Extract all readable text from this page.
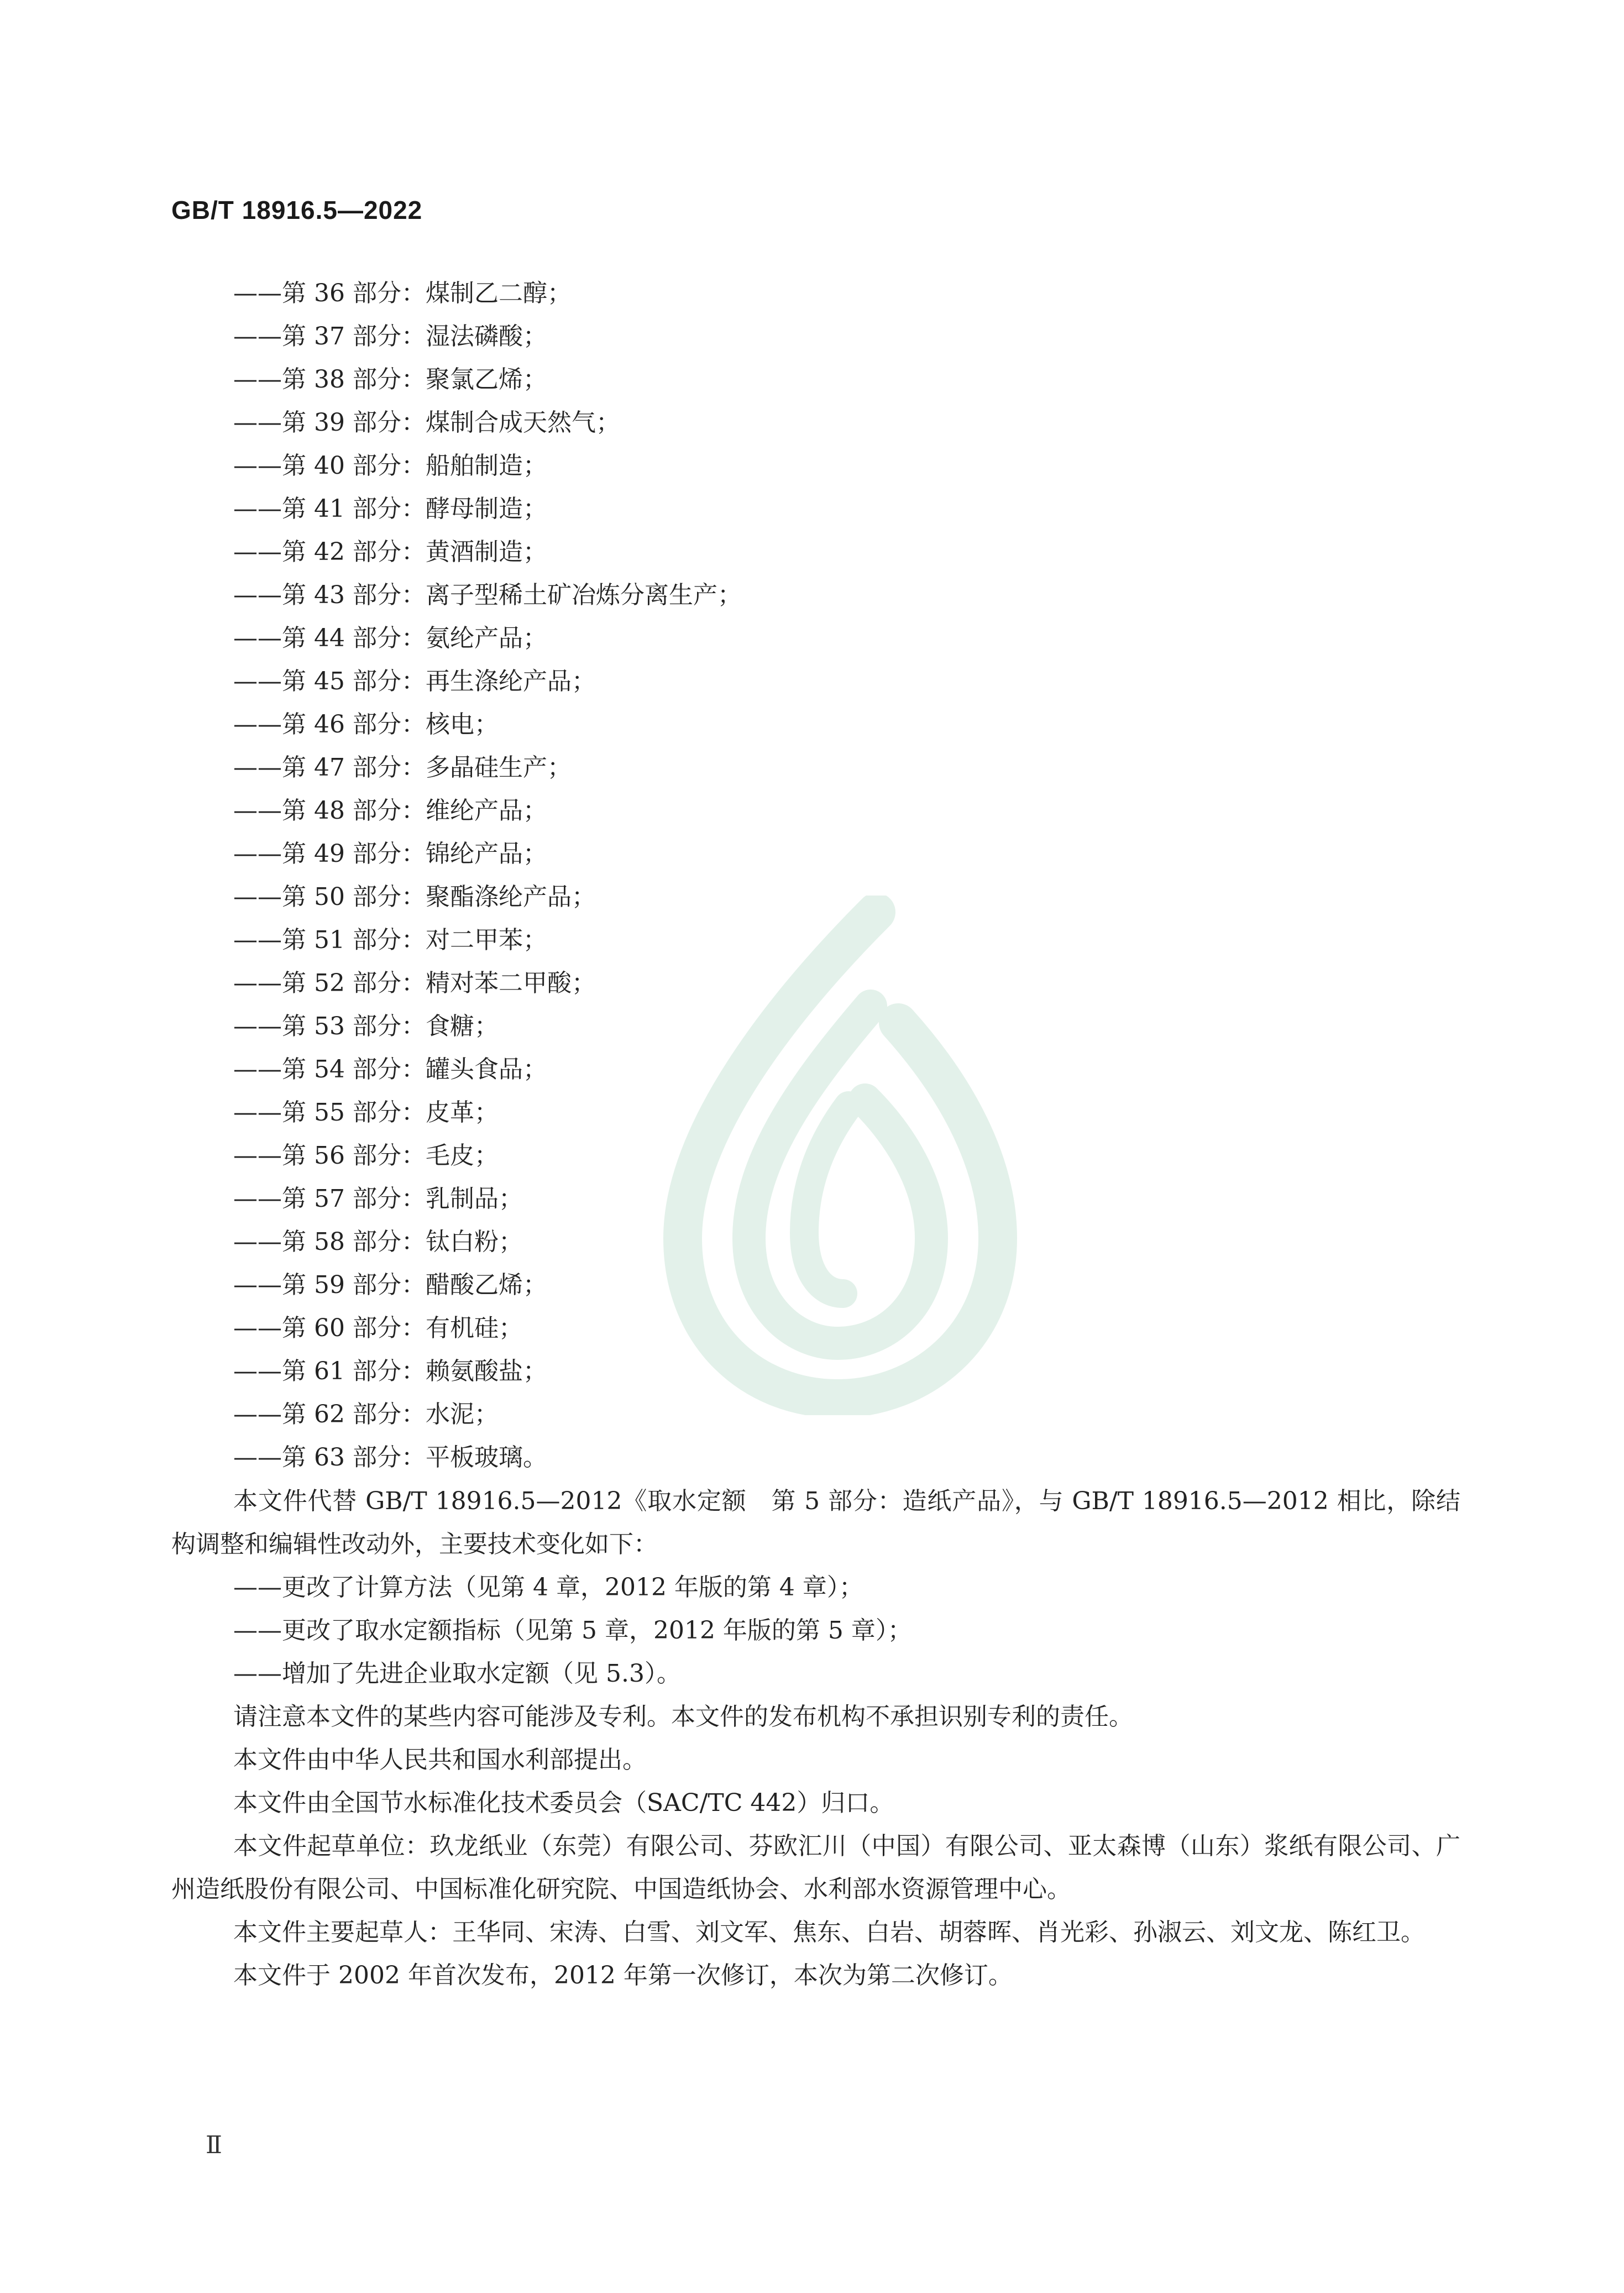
GB/T 18916.5—2022
——第 36 部分：煤制乙二醇；
——第 37 部分：湿法磷酸；
——第 38 部分：聚氯乙烯；
——第 39 部分：煤制合成天然气；
——第 40 部分：船舶制造；
——第 41 部分：酵母制造；
——第 42 部分：黄酒制造；
——第 43 部分：离子型稀土矿冶炼分离生产；
——第 44 部分：氨纶产品；
——第 45 部分：再生涤纶产品；
——第 46 部分：核电；
——第 47 部分：多晶硅生产；
——第 48 部分：维纶产品；
——第 49 部分：锦纶产品；
——第 50 部分：聚酯涤纶产品；
——第 51 部分：对二甲苯；
——第 52 部分：精对苯二甲酸；
——第 53 部分：食糖；
——第 54 部分：罐头食品；
——第 55 部分：皮革；
——第 56 部分：毛皮；
——第 57 部分：乳制品；
——第 58 部分：钛白粉；
——第 59 部分：醋酸乙烯；
——第 60 部分：有机硅；
——第 61 部分：赖氨酸盐；
——第 62 部分：水泥；
——第 63 部分：平板玻璃。

本文件代替 GB/T 18916.5—2012《取水定额　第 5 部分：造纸产品》，与 GB/T 18916.5—2012 相比，除结构调整和编辑性改动外，主要技术变化如下：

——更改了计算方法（见第 4 章，2012 年版的第 4 章）；

——更改了取水定额指标（见第 5 章，2012 年版的第 5 章）；

——增加了先进企业取水定额（见 5.3）。

请注意本文件的某些内容可能涉及专利。本文件的发布机构不承担识别专利的责任。

本文件由中华人民共和国水利部提出。

本文件由全国节水标准化技术委员会（SAC/TC 442）归口。

本文件起草单位：玖龙纸业（东莞）有限公司、芬欧汇川（中国）有限公司、亚太森博（山东）浆纸有限公司、广州造纸股份有限公司、中国标准化研究院、中国造纸协会、水利部水资源管理中心。

本文件主要起草人：王华同、宋涛、白雪、刘文军、焦东、白岩、胡蓉晖、肖光彩、孙淑云、刘文龙、陈红卫。

本文件于 2002 年首次发布，2012 年第一次修订，本次为第二次修订。

Ⅱ
